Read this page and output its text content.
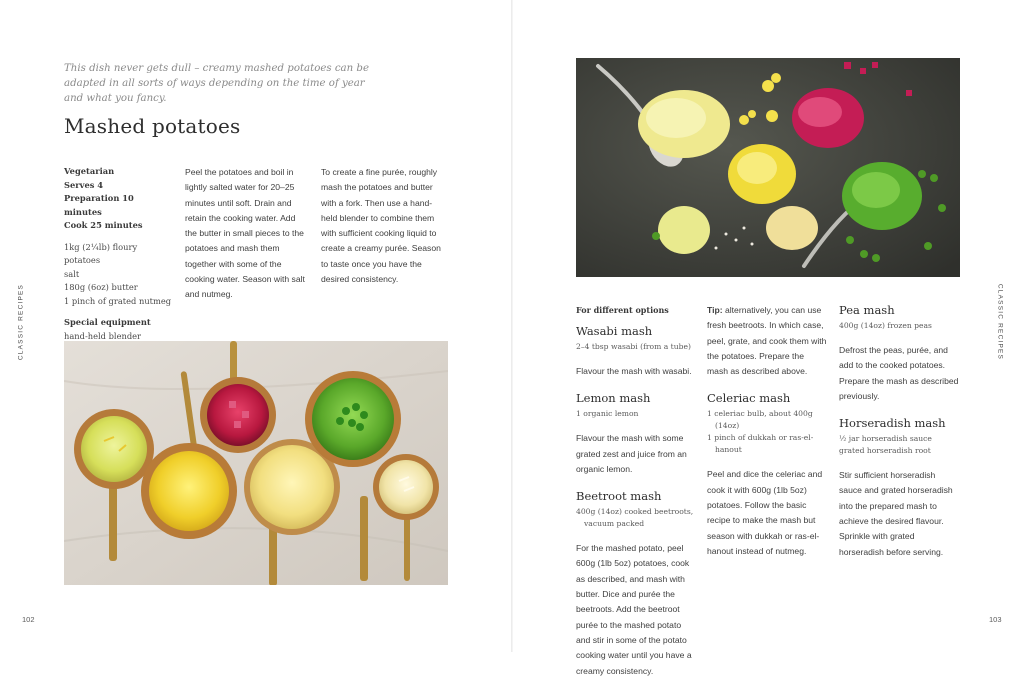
This dish never gets dull – creamy mashed potatoes can be adapted in all sorts of ways depending on the time of year and what you fancy.

Mashed potatoes
Vegetarian
Serves 4
Preparation 10 minutes
Cook 25 minutes
1kg (2¼lb) floury potatoes
salt
180g (6oz) butter
1 pinch of grated nutmeg
Special equipment
hand-held blender

Peel the potatoes and boil in lightly salted water for 20–25 minutes until soft. Drain and retain the cooking water. Add the butter in small pieces to the potatoes and mash them together with some of the cooking water. Season with salt and nutmeg.

To create a fine purée, roughly mash the potatoes and butter with a fork. Then use a hand-held blender to combine them with sufficient cooking liquid to create a creamy purée. Season to taste once you have the desired consistency.

CLASSIC RECIPES	CLASSIC RECIPES
102	103
For different options
Wasabi mash
2–4 tbsp wasabi (from a tube)
Flavour the mash with wasabi.
Lemon mash
1 organic lemon
Flavour the mash with some grated zest and juice from an organic lemon.
Beetroot mash
400g (14oz) cooked beetroots, vacuum packed
For the mashed potato, peel 600g (1lb 5oz) potatoes, cook as described, and mash with butter. Dice and purée the beetroots. Add the beetroot purée to the mashed potato and stir in some of the potato cooking water until you have a creamy consistency.
Tip: alternatively, you can use fresh beetroots. In which case, peel, grate, and cook them with the potatoes. Prepare the mash as described above.
Celeriac mash
1 celeriac bulb, about 400g (14oz)
1 pinch of dukkah or ras-el-hanout
Peel and dice the celeriac and cook it with 600g (1lb 5oz) potatoes. Follow the basic recipe to make the mash but season with dukkah or ras-el-hanout instead of nutmeg.
Pea mash
400g (14oz) frozen peas
Defrost the peas, purée, and add to the cooked potatoes. Prepare the mash as described previously.
Horseradish mash
½ jar horseradish sauce
grated horseradish root
Stir sufficient horseradish sauce and grated horseradish into the prepared mash to achieve the desired flavour. Sprinkle with grated horseradish before serving.
